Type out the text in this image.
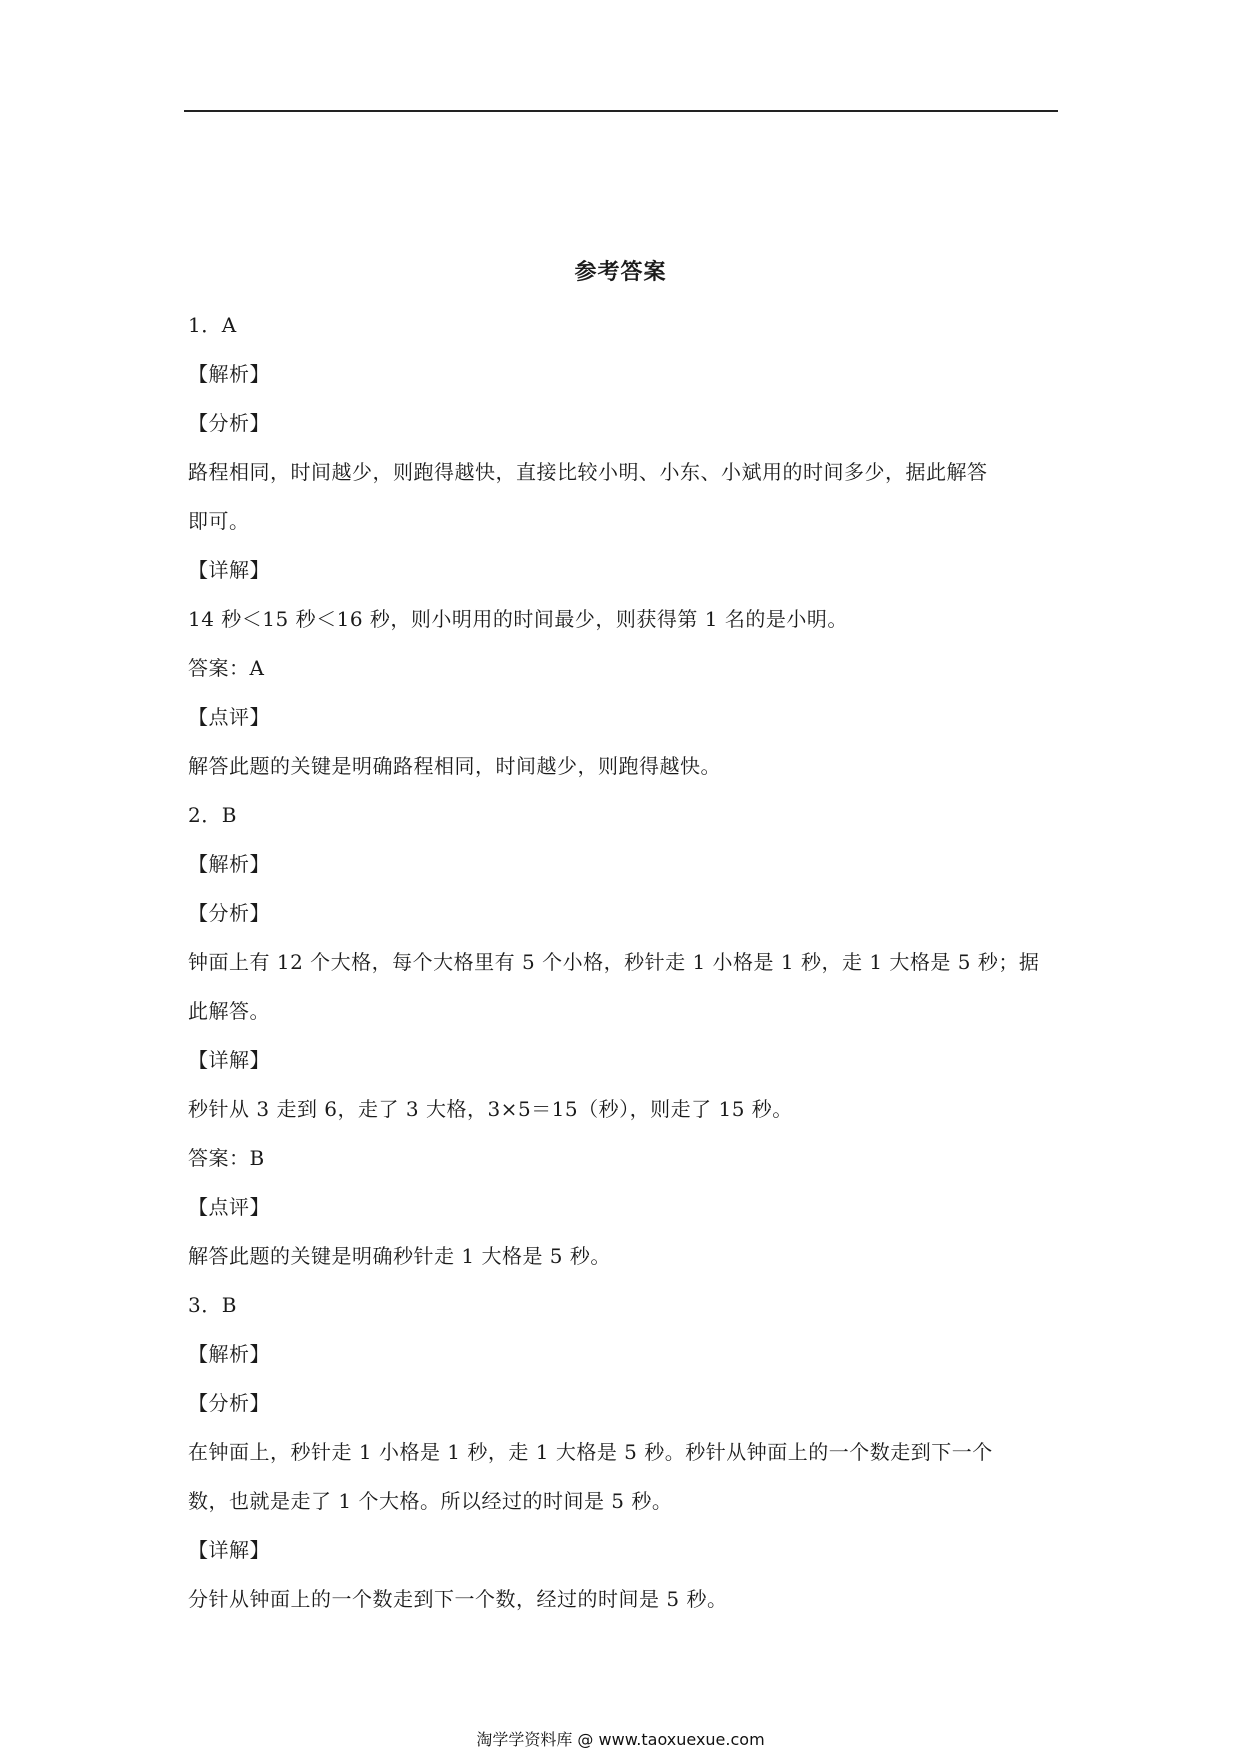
参考答案
1．A
【解析】
【分析】
路程相同，时间越少，则跑得越快，直接比较小明、小东、小斌用的时间多少，据此解答
即可。
【详解】
14 秒＜15 秒＜16 秒，则小明用的时间最少，则获得第 1 名的是小明。
答案：A
【点评】
解答此题的关键是明确路程相同，时间越少，则跑得越快。
2．B
【解析】
【分析】
钟面上有 12 个大格，每个大格里有 5 个小格，秒针走 1 小格是 1 秒，走 1 大格是 5 秒；据
此解答。
【详解】
秒针从 3 走到 6，走了 3 大格，3×5＝15（秒），则走了 15 秒。
答案：B
【点评】
解答此题的关键是明确秒针走 1 大格是 5 秒。
3．B
【解析】
【分析】
在钟面上，秒针走 1 小格是 1 秒，走 1 大格是 5 秒。秒针从钟面上的一个数走到下一个
数，也就是走了 1 个大格。所以经过的时间是 5 秒。
【详解】
分针从钟面上的一个数走到下一个数，经过的时间是 5 秒。
淘学学资料库 @ www.taoxuexue.com
